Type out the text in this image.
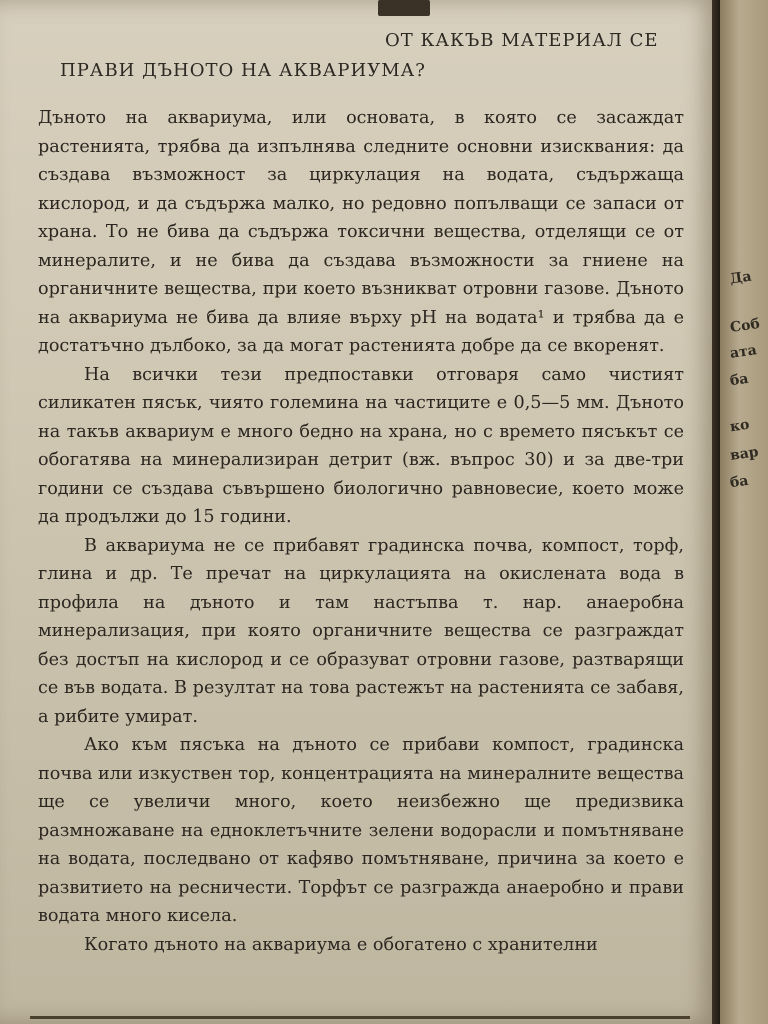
ОТ КАКЪВ МАТЕРИАЛ СЕ
ПРАВИ ДЪНОТО НА АКВАРИУМА?

Дъното на аквариума, или основата, в която се засаждат растенията, трябва да изпълнява следните основни изисквания: да създава възможност за циркулация на водата, съдържаща кислород, и да съдържа малко, но редовно попълващи се запаси от храна. То не бива да съдържа токсични вещества, отделящи се от минералите, и не бива да създава възможности за гниене на органичните вещества, при което възникват отровни газове. Дъното на аквариума не бива да влияе върху pH на водата¹ и трябва да е достатъчно дълбоко, за да могат растенията добре да се вкоренят.

На всички тези предпоставки отговаря само чистият силикатен пясък, чиято големина на частиците е 0,5—5 мм. Дъното на такъв аквариум е много бедно на храна, но с времето пясъкът се обогатява на минерализиран детрит (вж. въпрос 30) и за две-три години се създава съвършено биологично равновесие, което може да продължи до 15 години.

В аквариума не се прибавят градинска почва, компост, торф, глина и др. Те пречат на циркулацията на окислената вода в профила на дъното и там настъпва т. нар. анаеробна минерализация, при която органичните вещества се разграждат без достъп на кислород и се образуват отровни газове, разтварящи се във водата. В резултат на това растежът на растенията се забавя, а рибите умират.

Ако към пясъка на дъното се прибави компост, градинска почва или изкуствен тор, концентрацията на минералните вещества ще се увеличи много, което неизбежно ще предизвика размножаване на едноклетъчните зелени водорасли и помътняване на водата, последвано от кафяво помътняване, причина за което е развитието на ресничести. Торфът се разгражда анаеробно и прави водата много кисела.

Когато дъното на аквариума е обогатено с хранителни

Да
Соб
ата
ба
ко
вар
ба
